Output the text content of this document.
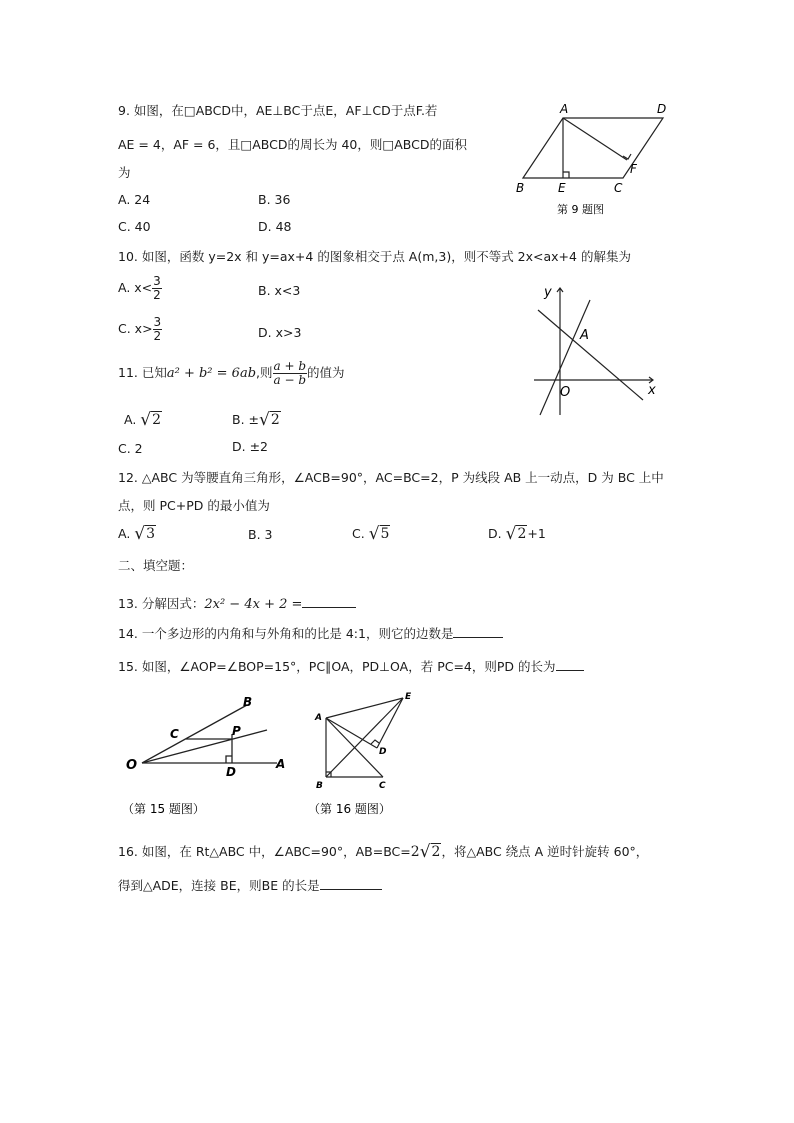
9. 如图，在□ABCD中，AE⊥BC于点E，AF⊥CD于点F.若
AE = 4，AF = 6，且□ABCD的周长为 40，则□ABCD的面积
为
A. 24	B. 36
C. 40	D. 48
A	D
B	E	C
F
第 9 题图
10. 如图，函数 y=2x 和 y=ax+4 的图象相交于点 A(m,3)，则不等式 2x<ax+4 的解集为
A. $x< \frac{3}{2}$	B. x<3
C. $x> \frac{3}{2}$	D. x>3
y
x
O
A
11. 已知a² + b² = 6ab,则 $\frac{a + b}{a - b}$ 的值为
A. √2	B. ±√2
C. 2	D. ±2
12. △ABC 为等腰直角三角形，∠ACB=90°，AC=BC=2，P 为线段 AB 上一动点，D 为 BC 上中
点，则 PC+PD 的最小值为
A. √3	B. 3	C. √5	D. √2+1
二、填空题：
13. 分解因式：2x² − 4x + 2 =
14. 一个多边形的内角和与外角和的比是 4:1，则它的边数是
15. 如图，∠AOP=∠BOP=15°，PC∥OA，PD⊥OA，若 PC=4，则PD 的长为
B
C	P
O	D
A
（第 15 题图）
A
E
D
B	C
（第 16 题图）
16. 如图，在 Rt△ABC 中，∠ABC=90°，AB=BC=2√2，将△ABC 绕点 A 逆时针旋转 60°，
得到△ADE，连接 BE，则BE 的长是
